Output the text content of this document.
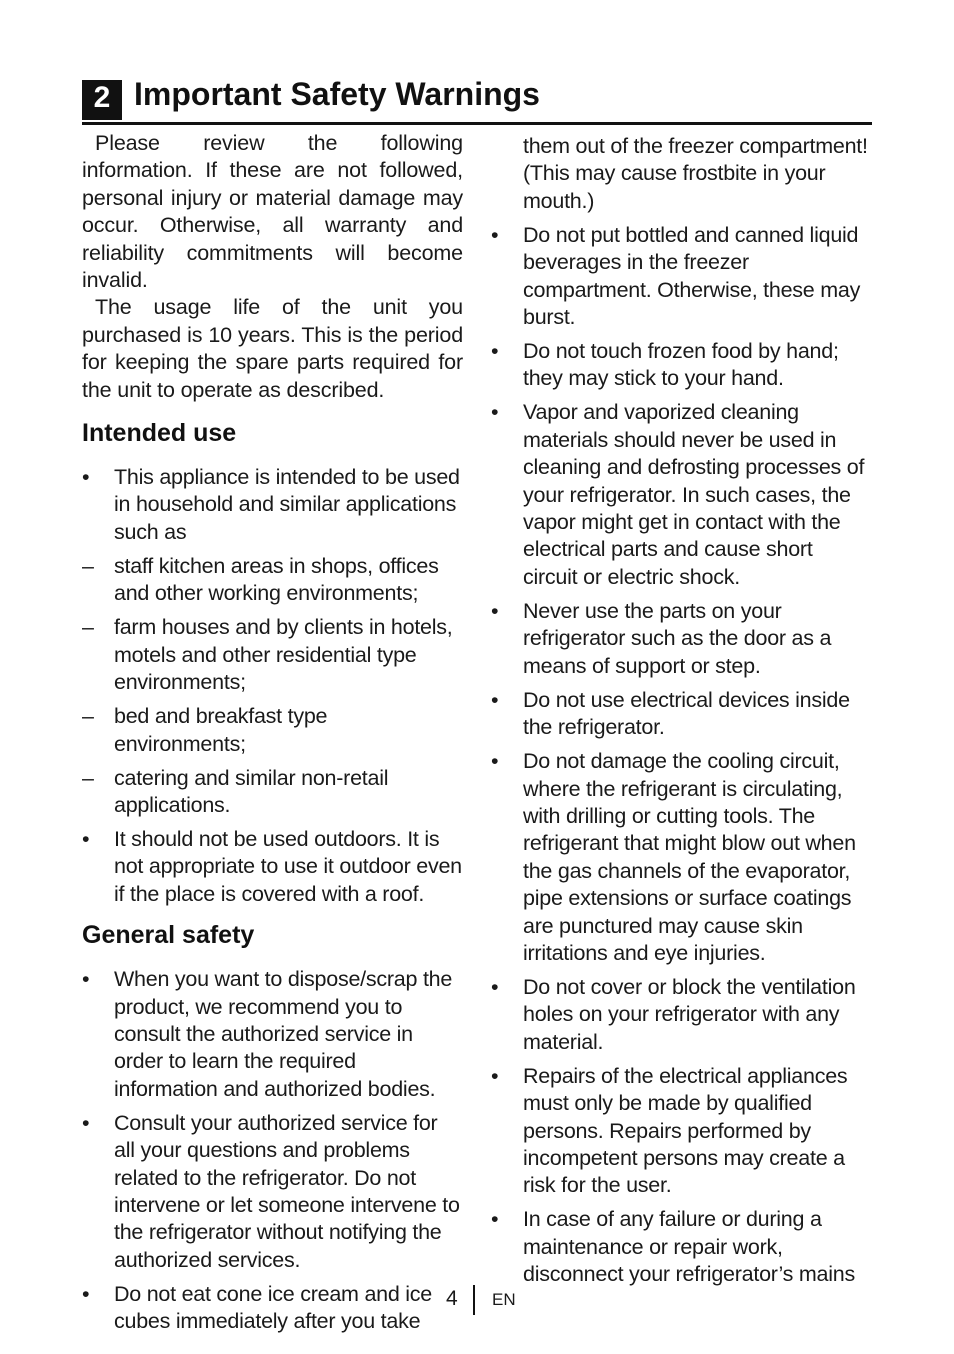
2 Important Safety Warnings

Please review the following information. If these are not followed, personal injury or material damage may occur. Otherwise, all warranty and reliability commitments will become invalid.

The usage life of the unit you purchased is 10 years. This is the period for keeping the spare parts required for the unit to operate as described.

Intended use
•	This appliance is intended to be used in household and similar applications such as
– staff kitchen areas in shops, offices and other working environments;
– farm houses and by clients in hotels, motels and other residential type environments;
– bed and breakfast type environments;
– catering and similar non-retail applications.
•	It should not be used outdoors. It is not appropriate to use it outdoor even if the place is covered with a roof.
General safety
•	When you want to dispose/scrap the product, we recommend you to consult the authorized service in order to learn the required information and authorized bodies.
•	Consult your authorized service for all your questions and problems related to the refrigerator. Do not intervene or let someone intervene to the refrigerator without notifying the authorized services.
•	Do not eat cone ice cream and ice cubes immediately after you take

them out of the freezer compartment! (This may cause frostbite in your mouth.)

•	Do not put bottled and canned liquid beverages in the freezer compartment. Otherwise, these may burst.
•	Do not touch frozen food by hand; they may stick to your hand.
•	Vapor and vaporized cleaning materials should never be used in cleaning and defrosting processes of your refrigerator. In such cases, the vapor might get in contact with the electrical parts and cause short circuit or electric shock.
•	Never use the parts on your refrigerator such as the door as a means of support or step.
•	Do not use electrical devices inside the refrigerator.
•	Do not damage the cooling circuit, where the refrigerant is circulating, with drilling or cutting tools. The refrigerant that might blow out when the gas channels of the evaporator, pipe extensions or surface coatings are punctured may cause skin irritations and eye injuries.
•	Do not cover or block the ventilation holes on your refrigerator with any material.
•	Repairs of the electrical appliances must only be made by qualified persons. Repairs performed by incompetent persons may create a risk for the user.
•	In case of any failure or during a maintenance or repair work, disconnect your refrigerator’s mains
4 EN
